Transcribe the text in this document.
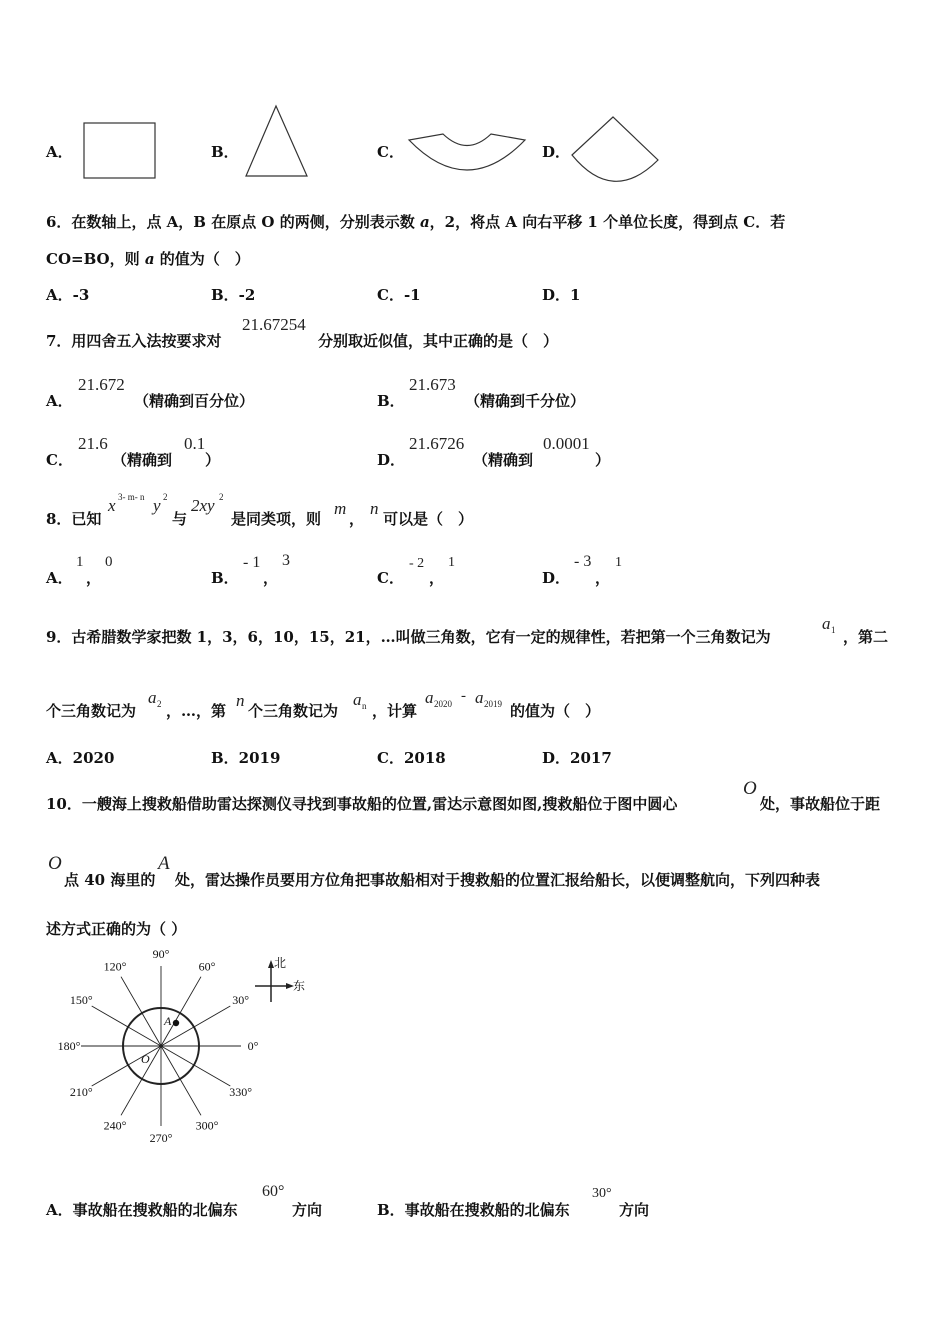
A．	B．	C．	D．
6．在数轴上，点 A，B 在原点 O 的两侧，分别表示数 a，2，将点 A 向右平移 1 个单位长度，得到点 C．若
CO=BO，则 a 的值为（　）
A．-3	B．-2	C．-1	D．1
7．用四舍五入法按要求对
21.67254
分别取近似值，其中正确的是（　）
A．
21.672
（精确到百分位）	B．
21.673
（精确到千分位）
C．
21.6
（精确到
0.1
）	D．
21.6726
（精确到
0.0001
）
8．已知
x 3- m- n y 2
与
2xy 2
是同类项，则
m
，
n
可以是（　）
A．
1
，
0
B．
- 1
，
3
C．
- 2
，
1
D．
- 3
，
1
9．古希腊数学家把数 1，3，6，10，15，21，…叫做三角数，它有一定的规律性，若把第一个三角数记为
a 1 ，第二
个三角数记为
a 2 ，…，第
n
个三角数记为
a n ，计算
a 2020 - a 2019 的值为（　）
A．2020	B．2019	C．2018	D．2017
10．一艘海上搜救船借助雷达探测仪寻找到事故船的位置,雷达示意图如图,搜救船位于图中圆心
O
处，事故船位于距
O
点 40 海里的
A
处，雷达操作员要用方位角把事故船相对于搜救船的位置汇报给船长，以便调整航向，下列四种表
述方式正确的为（ ）
A
O
90°
60°
30°
0°
330°
300°
270°
240°
210°
180°
150°
120°	北
东
A．事故船在搜救船的北偏东
60°
方向	B．事故船在搜救船的北偏东
30°
方向
